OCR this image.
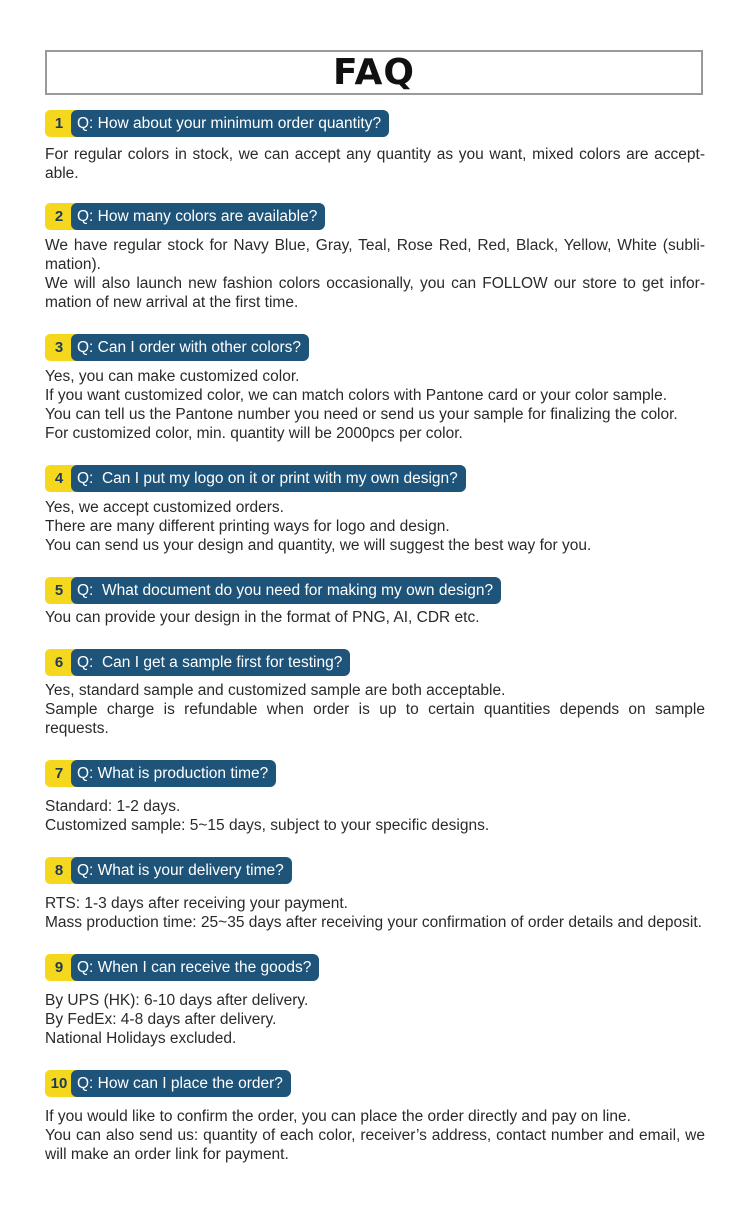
FAQ
1 Q: How about your minimum order quantity?

For regular colors in stock, we can accept any quantity as you want, mixed colors are accept-able.

2 Q: How many colors are available?

We have regular stock for Navy Blue, Gray, Teal, Rose Red, Red, Black, Yellow, White (subli-mation).

We will also launch new fashion colors occasionally, you can FOLLOW our store to get infor-mation of new arrival at the first time.

3 Q: Can I order with other colors?

Yes, you can make customized color.

If you want customized color, we can match colors with Pantone card or your color sample.

You can tell us the Pantone number you need or send us your sample for finalizing the color.

For customized color, min. quantity will be 2000pcs per color.

4 Q:  Can I put my logo on it or print with my own design?

Yes, we accept customized orders.

There are many different printing ways for logo and design.

You can send us your design and quantity, we will suggest the best way for you.

5 Q:  What document do you need for making my own design?

You can provide your design in the format of PNG, AI, CDR etc.

6 Q:  Can I get a sample first for testing?

Yes, standard sample and customized sample are both acceptable.

Sample charge is refundable when order is up to certain quantities depends on sample requests.

7 Q: What is production time?

Standard: 1-2 days.

Customized sample: 5~15 days, subject to your specific designs.

8 Q: What is your delivery time?

RTS: 1-3 days after receiving your payment.

Mass production time: 25~35 days after receiving your confirmation of order details and deposit.

9 Q: When I can receive the goods?

By UPS (HK): 6-10 days after delivery.

By FedEx: 4-8 days after delivery.

National Holidays excluded.

10 Q: How can I place the order?

If you would like to confirm the order, you can place the order directly and pay on line.

You can also send us: quantity of each color, receiver’s address, contact number and email, we will make an order link for payment.
